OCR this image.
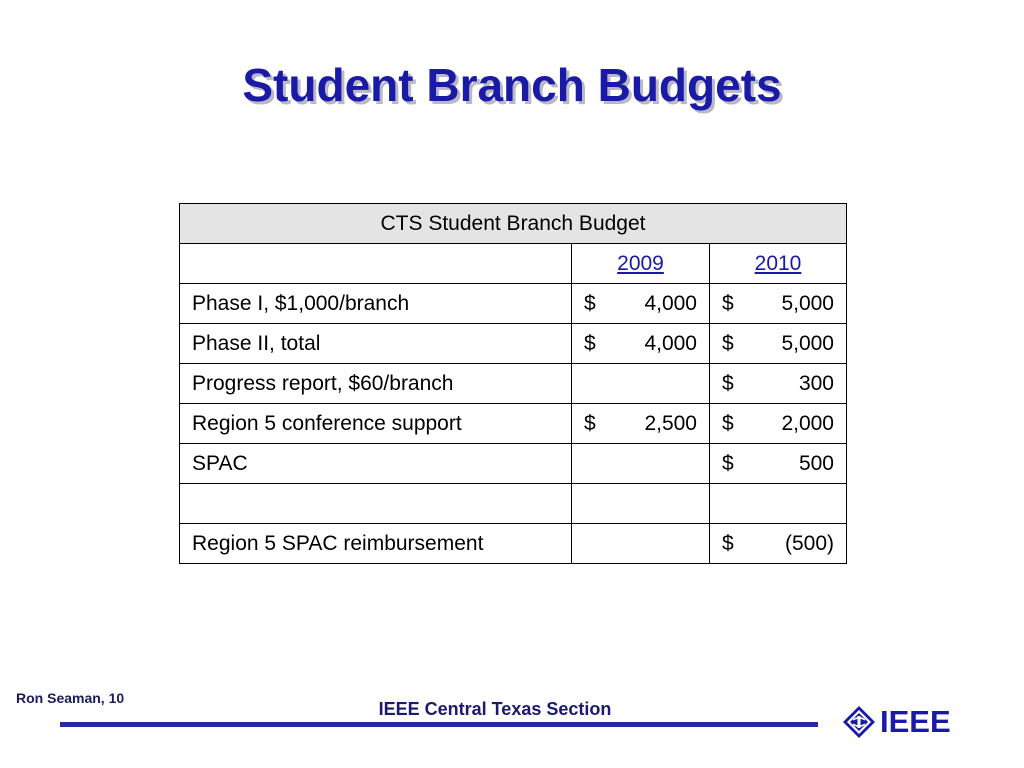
Student Branch Budgets
CTS Student Branch Budget		
	2009	2010
Phase I, $1,000/branch	$ 4,000	$ 5,000

Phase II, total	$ 4,000	$ 5,000

Progress report, $60/branch		$ 300

Region 5 conference support	$ 2,500	$ 2,000

SPAC		$ 500

Region 5 SPAC reimbursement		$ (500)
Ron Seaman, 10
IEEE Central Texas Section	IEEE
